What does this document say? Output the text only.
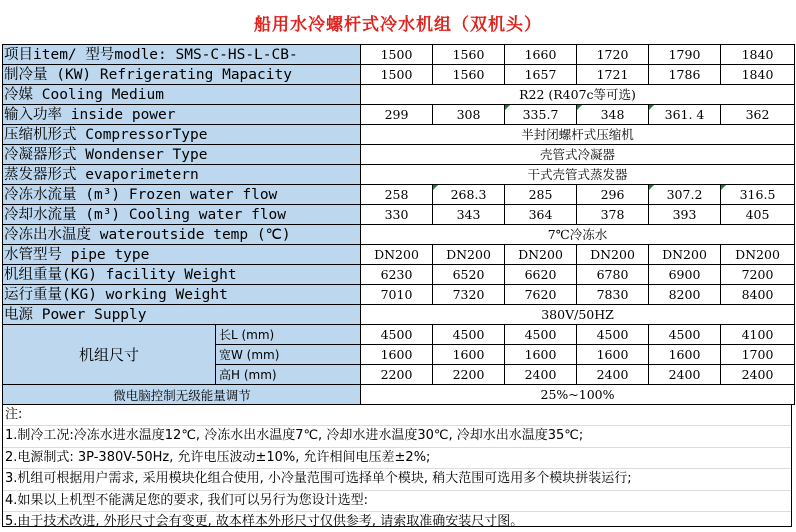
船用水冷螺杆式冷水机组（双机头）
项目item/ 型号modle: SMS-C-HS-L-CB-		1500	1560	1660	1720	1790	1840
制冷量 (KW) Refrigerating Mapacity		1500	1560	1657	1721	1786	1840
冷媒 Cooling Medium		R22 (R407c等可选)					
输入功率 inside power		299	308	335.7	348	361. 4	362
压缩机形式 CompressorType		半封闭螺杆式压缩机					
冷凝器形式 Wondenser Type		壳管式冷凝器					
蒸发器形式 evaporimetern		干式壳管式蒸发器					
冷冻水流量 (m³) Frozen water flow		258	268.3	285	296	307.2	316.5
冷却水流量 (m³) Cooling water flow		330	343	364	378	393	405
冷冻出水温度 wateroutside temp (℃)		7℃冷冻水					
水管型号 pipe type		DN200	DN200	DN200	DN200	DN200	DN200
机组重量(KG) facility Weight		6230	6520	6620	6780	6900	7200
运行重量(KG) working Weight		7010	7320	7620	7830	8200	8400
电源 Power Supply		380V/50HZ					
机组尺寸	长L (mm)	4500	4500	4500	4500	4500	4100
	宽W (mm)	1600	1600	1600	1600	1600	1700
	高H (mm)	2200	2200	2400	2400	2400	2400
微电脑控制无级能量调节		25%~100%					
注:
1.制冷工况:冷冻水进水温度12℃, 冷冻水出水温度7℃, 冷却水进水温度30℃, 冷却水出水温度35℃;
2.电源制式: 3P-380V-50Hz, 允许电压波动±10%, 允许相间电压差±2%;
3.机组可根据用户需求, 采用模块化组合使用, 小冷量范围可选择单个模块, 稍大范围可选用多个模块拼装运行;
4.如果以上机型不能满足您的要求, 我们可以另行为您设计选型:
5.由于技术改进, 外形尺寸会有变更, 故本样本外形尺寸仅供参考, 请索取准确安装尺寸图。
